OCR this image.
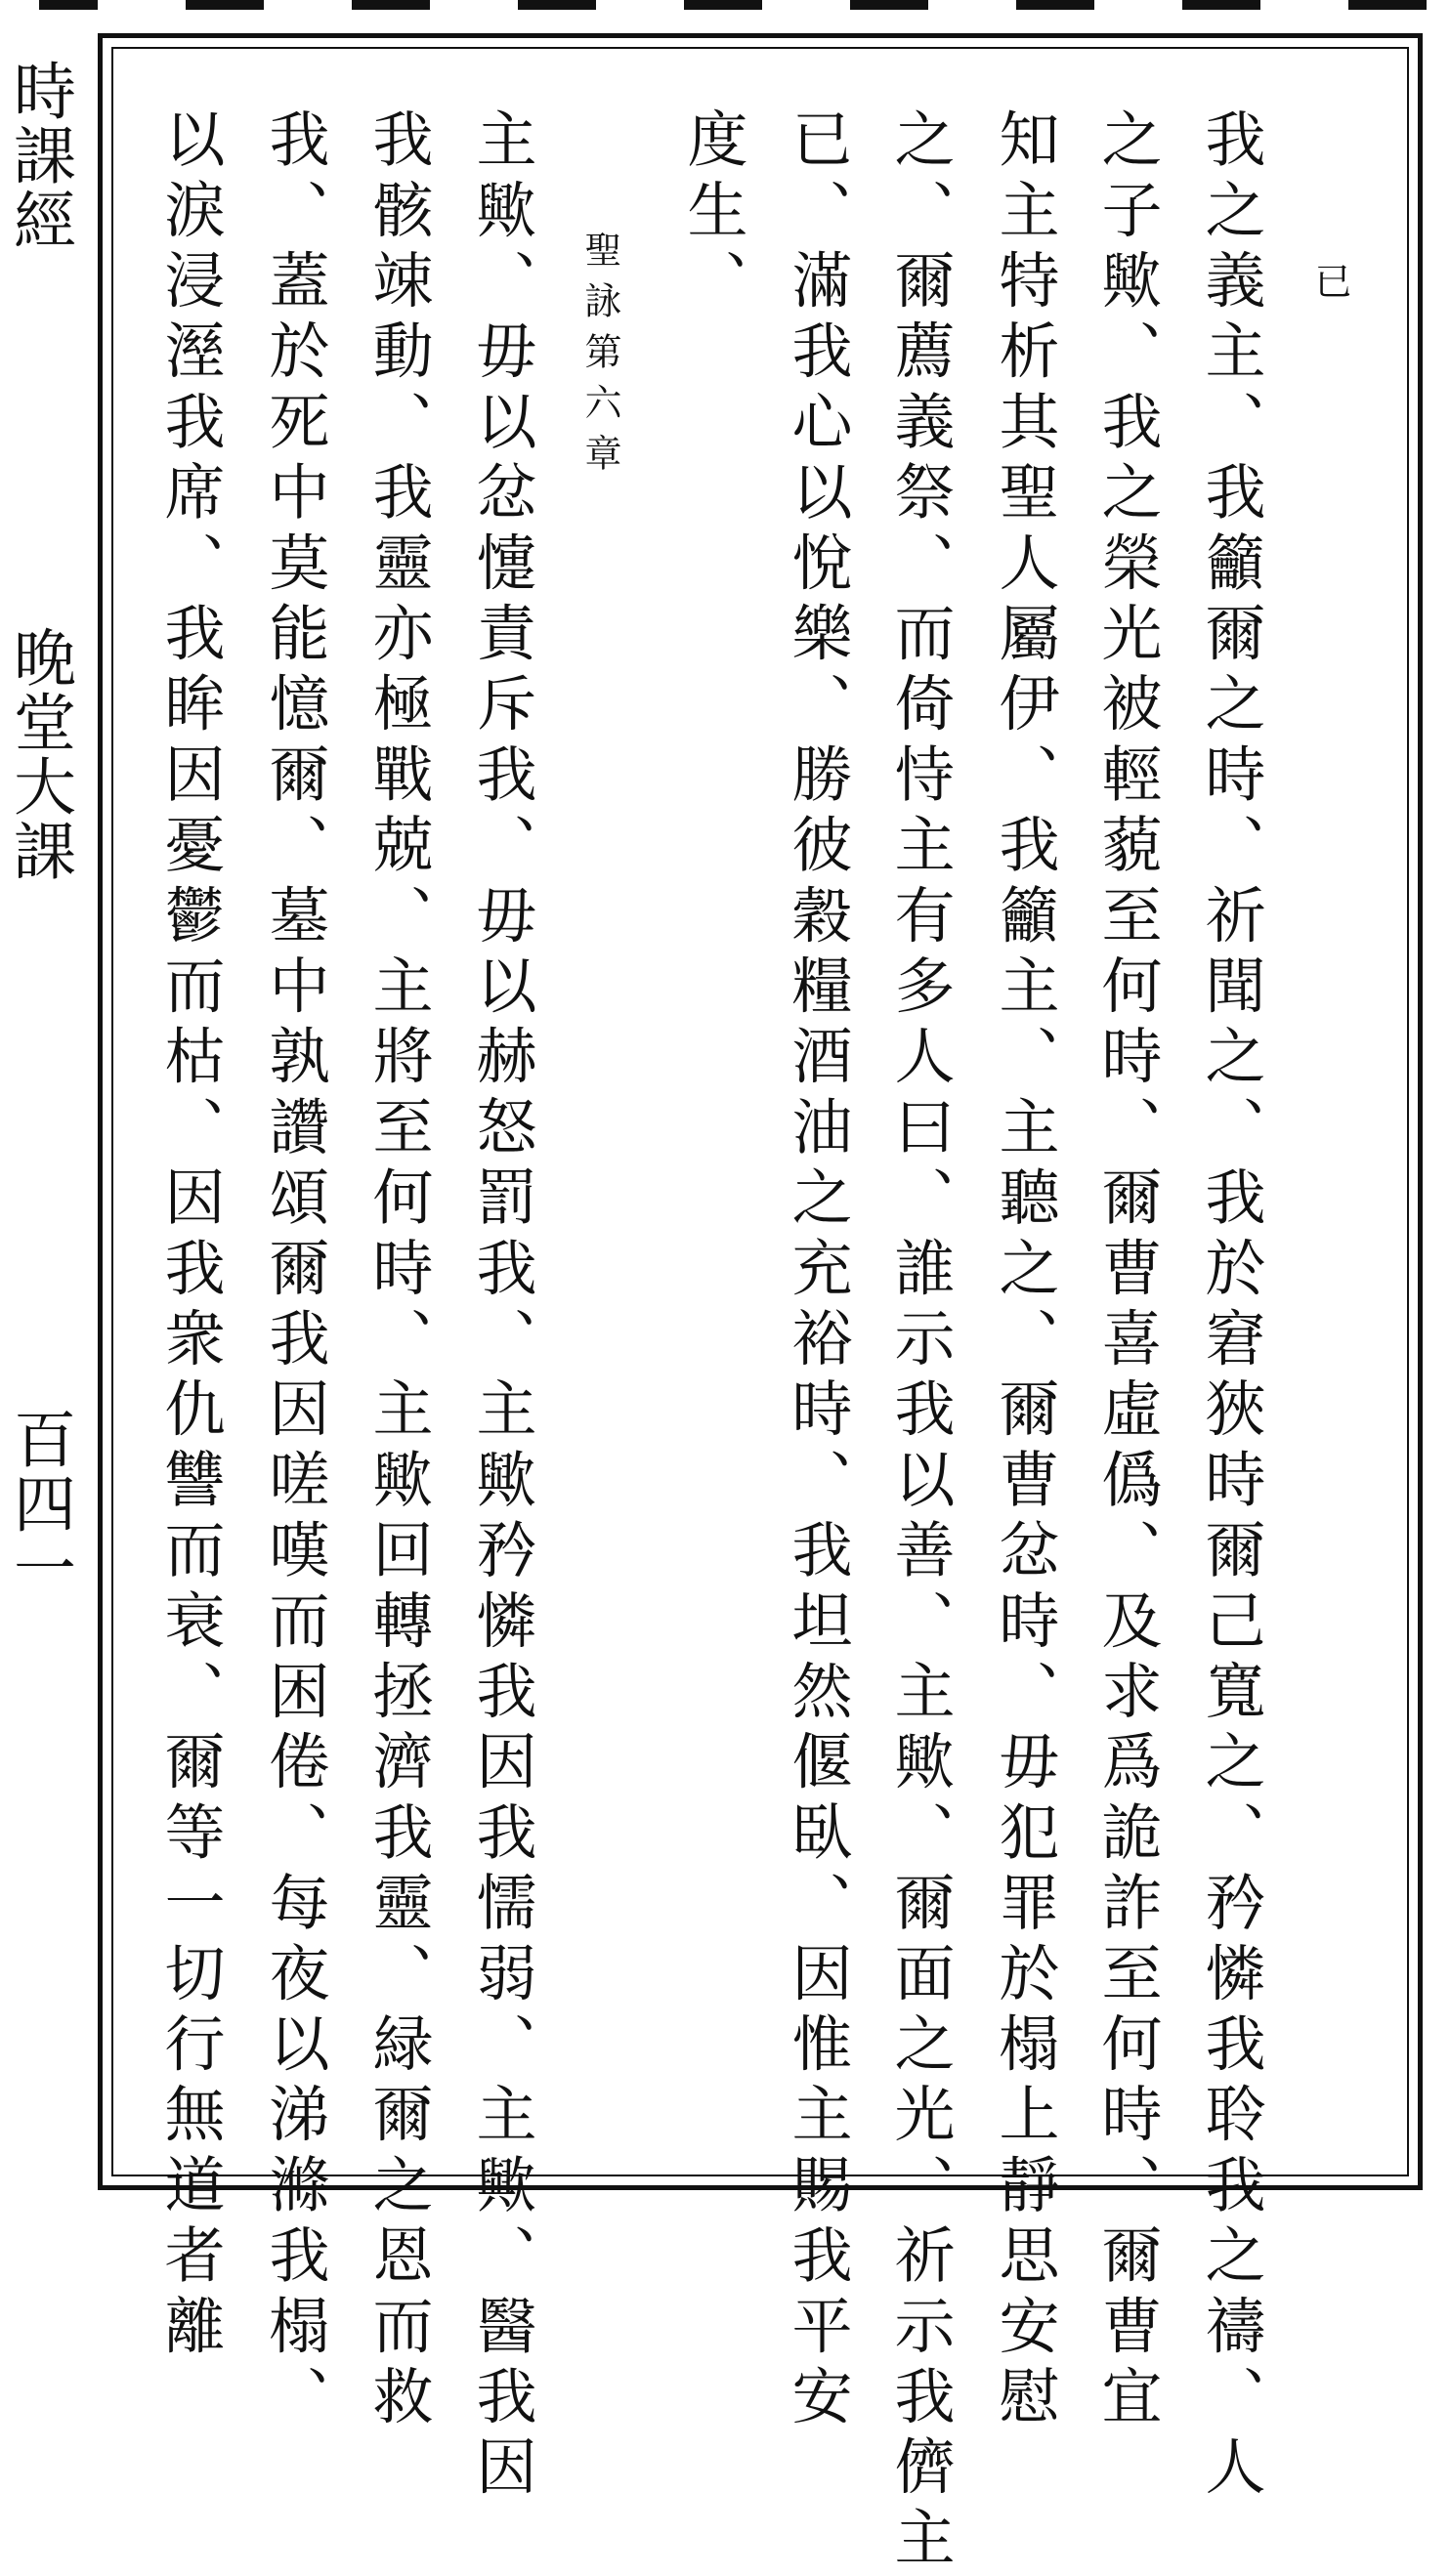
時課經
晚堂大課
百四一
已
我之義主、我籲爾之時、祈聞之、我於窘狹時爾己寬之、矜憐我聆我之禱、人
之子歟、我之榮光被輕藐至何時、爾曹喜虛僞、及求爲詭詐至何時、爾曹宜
知主特析其聖人屬伊、我籲主、主聽之、爾曹忿時、毋犯罪於榻上靜思安慰
之、爾薦義祭、而倚恃主有多人曰、誰示我以善、主歟、爾面之光、祈示我儕主
已、滿我心以悅樂、勝彼穀糧酒油之充裕時、我坦然偃臥、因惟主賜我平安
度生、
聖詠第六章
主歟、毋以忿懥責斥我、毋以赫怒罰我、主歟矜憐我因我懦弱、主歟、醫我因
我骸竦動、我靈亦極戰兢、主將至何時、主歟回轉拯濟我靈、緑爾之恩而救
我、蓋於死中莫能憶爾、墓中孰讚頌爾我因嗟嘆而困倦、每夜以涕滌我榻、
以淚浸溼我席、我眸因憂鬱而枯、因我衆仇讐而衰、爾等一切行無道者離
